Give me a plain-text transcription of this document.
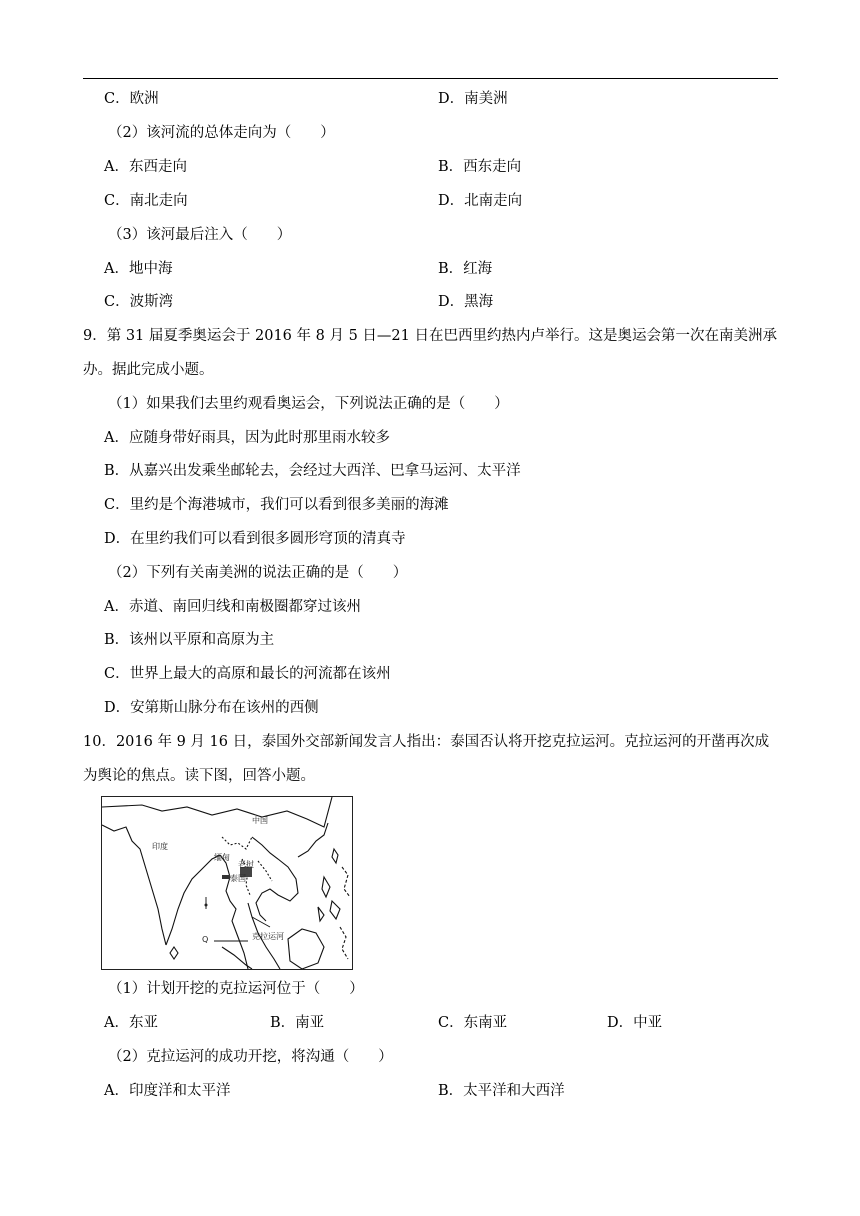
C．欧洲	D．南美洲
（2）该河流的总体走向为（　　）
A．东西走向	B．西东走向
C．南北走向	D．北南走向
（3）该河最后注入（　　）
A．地中海	B．红海
C．波斯湾	D．黑海
9．第 31 届夏季奥运会于 2016 年 8 月 5 日—21 日在巴西里约热内卢举行。这是奥运会第一次在南美洲承办。据此完成小题。
（1）如果我们去里约观看奥运会，下列说法正确的是（　　）
A．应随身带好雨具，因为此时那里雨水较多
B．从嘉兴出发乘坐邮轮去，会经过大西洋、巴拿马运河、太平洋
C．里约是个海港城市，我们可以看到很多美丽的海滩
D．在里约我们可以看到很多圆形穹顶的清真寺
（2）下列有关南美洲的说法正确的是（　　）
A．赤道、南回归线和南极圈都穿过该州
B．该州以平原和高原为主
C．世界上最大的高原和最长的河流都在该州
D．安第斯山脉分布在该州的西侧
10．2016 年 9 月 16 日，泰国外交部新闻发言人指出：泰国否认将开挖克拉运河。克拉运河的开凿再次成为舆论的焦点。读下图，回答小题。
中国
印度
缅甸
老挝
泰国
克拉运河
Q
（1）计划开挖的克拉运河位于（　　）
A．东亚	B．南亚	C．东南亚	D．中亚
（2）克拉运河的成功开挖，将沟通（　　）
A．印度洋和太平洋	B．太平洋和大西洋
